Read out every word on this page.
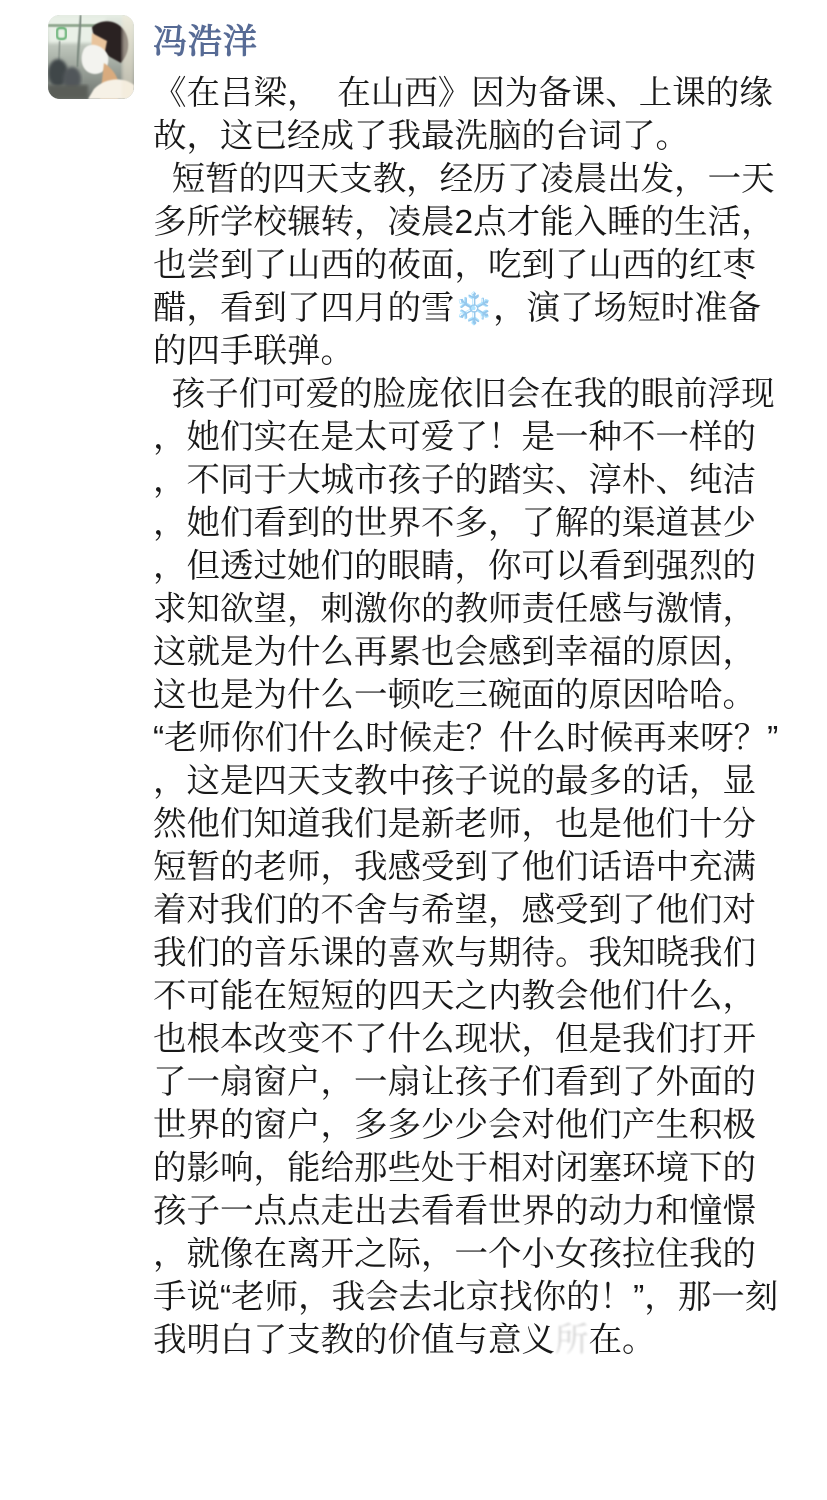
冯浩洋

《在吕梁，　在山西》因为备课、上课的缘故，这已经成了我最洗脑的台词了。

短暂的四天支教，经历了凌晨出发，一天多所学校辗转，凌晨2点才能入睡的生活，也尝到了山西的莜面，吃到了山西的红枣醋，看到了四月的雪❄️，演了场短时准备的四手联弹。

孩子们可爱的脸庞依旧会在我的眼前浮现，她们实在是太可爱了！是一种不一样的，不同于大城市孩子的踏实、淳朴、纯洁，她们看到的世界不多，了解的渠道甚少，但透过她们的眼睛，你可以看到强烈的求知欲望，刺激你的教师责任感与激情，这就是为什么再累也会感到幸福的原因，这也是为什么一顿吃三碗面的原因哈哈。

“老师你们什么时候走？什么时候再来呀？”，这是四天支教中孩子说的最多的话，显然他们知道我们是新老师，也是他们十分短暂的老师，我感受到了他们话语中充满着对我们的不舍与希望，感受到了他们对我们的音乐课的喜欢与期待。我知晓我们不可能在短短的四天之内教会他们什么，也根本改变不了什么现状，但是我们打开了一扇窗户，一扇让孩子们看到了外面的世界的窗户，多多少少会对他们产生积极的影响，能给那些处于相对闭塞环境下的孩子一点点走出去看看世界的动力和憧憬，就像在离开之际，一个小女孩拉住我的手说“老师，我会去北京找你的！”，那一刻我明白了支教的价值与意义所在。
